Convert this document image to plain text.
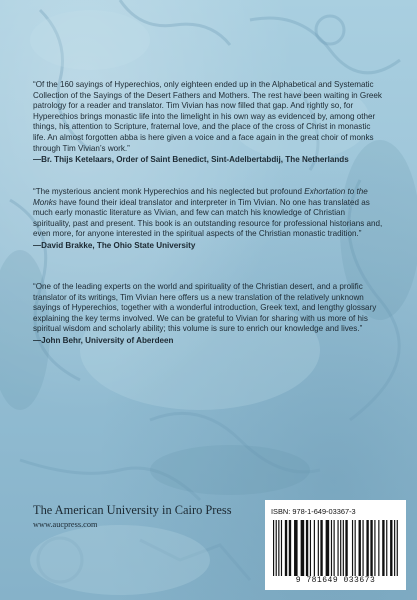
“Of the 160 sayings of Hyperechios, only eighteen ended up in the Alphabetical and Systematic Collection of the Sayings of the Desert Fathers and Mothers. The rest have been waiting in Greek patrology for a reader and translator. Tim Vivian has now filled that gap. And rightly so, for Hyperechios brings monastic life into the limelight in his own way as evidenced by, among other things, his attention to Scripture, fraternal love, and the place of the cross of Christ in monastic life. An almost forgotten abba is here given a voice and a face again in the great choir of monks through Tim Vivian’s work.”

—Br. Thijs Ketelaars, Order of Saint Benedict, Sint-Adelbertabdij, The Netherlands

“The mysterious ancient monk Hyperechios and his neglected but profound Exhortation to the Monks have found their ideal translator and interpreter in Tim Vivian. No one has translated as much early monastic literature as Vivian, and few can match his knowledge of Christian spirituality, past and present. This book is an outstanding resource for professional historians and, even more, for anyone interested in the spiritual aspects of the Christian monastic tradition.”

—David Brakke, The Ohio State University

“One of the leading experts on the world and spirituality of the Christian desert, and a prolific translator of its writings, Tim Vivian here offers us a new translation of the relatively unknown sayings of Hyperechios, together with a wonderful introduction, Greek text, and lengthy glossary explaining the key terms involved. We can be grateful to Vivian for sharing with us more of his spiritual wisdom and scholarly ability; this volume is sure to enrich our knowledge and lives.”

—John Behr, University of Aberdeen

The American University in Cairo Press
www.aucpress.com
ISBN: 978-1-649-03367-3
9 781649 033673
